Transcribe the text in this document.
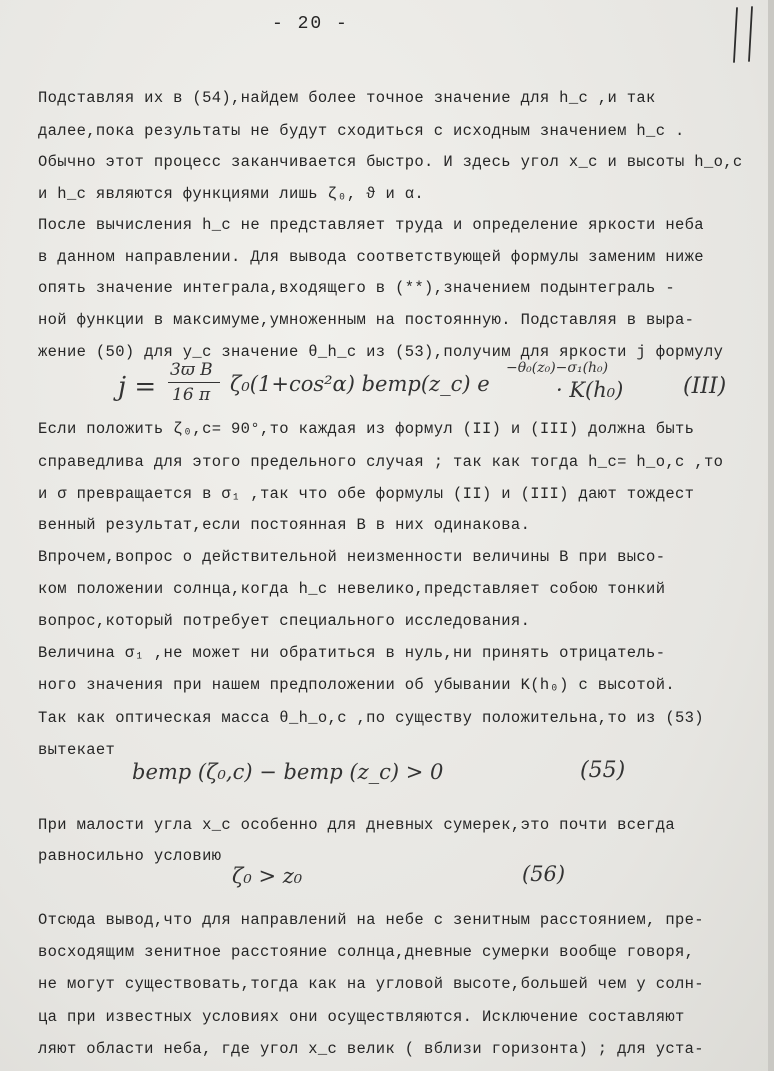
- 20 -
Подставляя их в (54),найдем более точное значение для h_c ,и так
далее,пока результаты не будут сходиться с исходным значением h_c .
Обычно этот процесс заканчивается быстро. И здесь угол x_c и высоты h_o,c
и h_c являются функциями лишь ζ₀, ϑ и α.
После вычисления h_c не представляет труда и определение яркости неба
в данном направлении. Для вывода соответствующей формулы заменим ниже
опять значение интеграла,входящего в (**),значением подынтеграль -
ной функции в максимуме,умноженным на постоянную. Подставляя в выра-
жение (50) для y_c значение θ_h_c из (53),получим для яркости j формулу
j =
3ϖ B
16 π ζ₀(1+cos²α) bemp(z_c) e
−θ₀(z₀)−σ₁(h₀)
· K(h₀)	(III)
Если положить ζ₀,c= 90°,то каждая из формул (II) и (III) должна быть
справедлива для этого предельного случая ; так как тогда h_c= h_o,c ,то
и σ превращается в σ₁ ,так что обе формулы (II) и (III) дают тождест
венный результат,если постоянная B в них одинакова.
Впрочем,вопрос о действительной неизменности величины B при высо-
ком положении солнца,когда h_c невелико,представляет собою тонкий
вопрос,который потребует специального исследования.
Величина σ₁ ,не может ни обратиться в нуль,ни принять отрицатель-
ного значения при нашем предположении об убывании K(h₀) с высотой.
Так как оптическая масса θ_h_o,c ,по существу положительна,то из (53)
вытекает
bemp (ζ₀,c) − bemp (z_c) > 0	(55)
При малости угла x_c особенно для дневных сумерек,это почти всегда
равносильно условию
ζ₀ > z₀	(56)
Отсюда вывод,что для направлений на небе с зенитным расстоянием, пре-
восходящим зенитное расстояние солнца,дневные сумерки вообще говоря,
не могут существовать,тогда как на угловой высоте,большей чем у солн-
ца при известных условиях они осуществляются. Исключение составляют
ляют области неба, где угол x_c велик ( вблизи горизонта) ; для уста-
